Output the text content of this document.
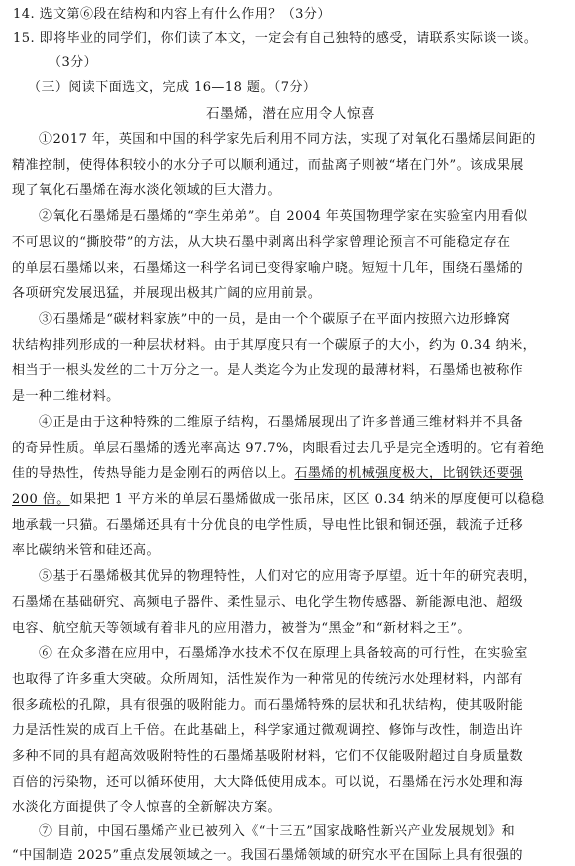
14. 选文第⑥段在结构和内容上有什么作用？（3分）
15. 即将毕业的同学们，你们读了本文，一定会有自己独特的感受，请联系实际谈一谈。
（3分）
（三）阅读下面选文，完成 16—18 题。（7分）
石墨烯，潜在应用令人惊喜
①2017 年，英国和中国的科学家先后利用不同方法，实现了对氧化石墨烯层间距的
精准控制，使得体积较小的水分子可以顺利通过，而盐离子则被“堵在门外”。该成果展
现了氧化石墨烯在海水淡化领域的巨大潜力。
②氧化石墨烯是石墨烯的“孪生弟弟”。自 2004 年英国物理学家在实验室内用看似
不可思议的“撕胶带”的方法，从大块石墨中剥离出科学家曾理论预言不可能稳定存在
的单层石墨烯以来，石墨烯这一科学名词已变得家喻户晓。短短十几年，围绕石墨烯的
各项研究发展迅猛，并展现出极其广阔的应用前景。
③石墨烯是“碳材料家族”中的一员，是由一个个碳原子在平面内按照六边形蜂窝
状结构排列形成的一种层状材料。由于其厚度只有一个碳原子的大小，约为 0.34 纳米，
相当于一根头发丝的二十万分之一。是人类迄今为止发现的最薄材料，石墨烯也被称作
是一种二维材料。
④正是由于这种特殊的二维原子结构，石墨烯展现出了许多普通三维材料并不具备
的奇异性质。单层石墨烯的透光率高达 97.7%，肉眼看过去几乎是完全透明的。它有着绝
佳的导热性，传热导能力是金刚石的两倍以上。石墨烯的机械强度极大，比钢铁还要强
200 倍。如果把 1 平方米的单层石墨烯做成一张吊床，区区 0.34 纳米的厚度便可以稳稳
地承载一只猫。石墨烯还具有十分优良的电学性质，导电性比银和铜还强，载流子迁移
率比碳纳米管和硅还高。
⑤基于石墨烯极其优异的物理特性，人们对它的应用寄予厚望。近十年的研究表明，
石墨烯在基础研究、高频电子器件、柔性显示、电化学生物传感器、新能源电池、超级
电容、航空航天等领域有着非凡的应用潜力，被誉为“黑金”和“新材料之王”。
⑥ 在众多潜在应用中，石墨烯净水技术不仅在原理上具备较高的可行性，在实验室
也取得了许多重大突破。众所周知，活性炭作为一种常见的传统污水处理材料，内部有
很多疏松的孔隙，具有很强的吸附能力。而石墨烯特殊的层状和孔状结构，使其吸附能
力是活性炭的成百上千倍。在此基础上，科学家通过微观调控、修饰与改性，制造出许
多种不同的具有超高效吸附特性的石墨烯基吸附材料，它们不仅能吸附超过自身质量数
百倍的污染物，还可以循环使用，大大降低使用成本。可以说，石墨烯在污水处理和海
水淡化方面提供了令人惊喜的全新解决方案。
⑦ 目前，中国石墨烯产业已被列入《“十三五”国家战略性新兴产业发展规划》和
“中国制造 2025”重点发展领域之一。我国石墨烯领域的研究水平在国际上具有很强的
